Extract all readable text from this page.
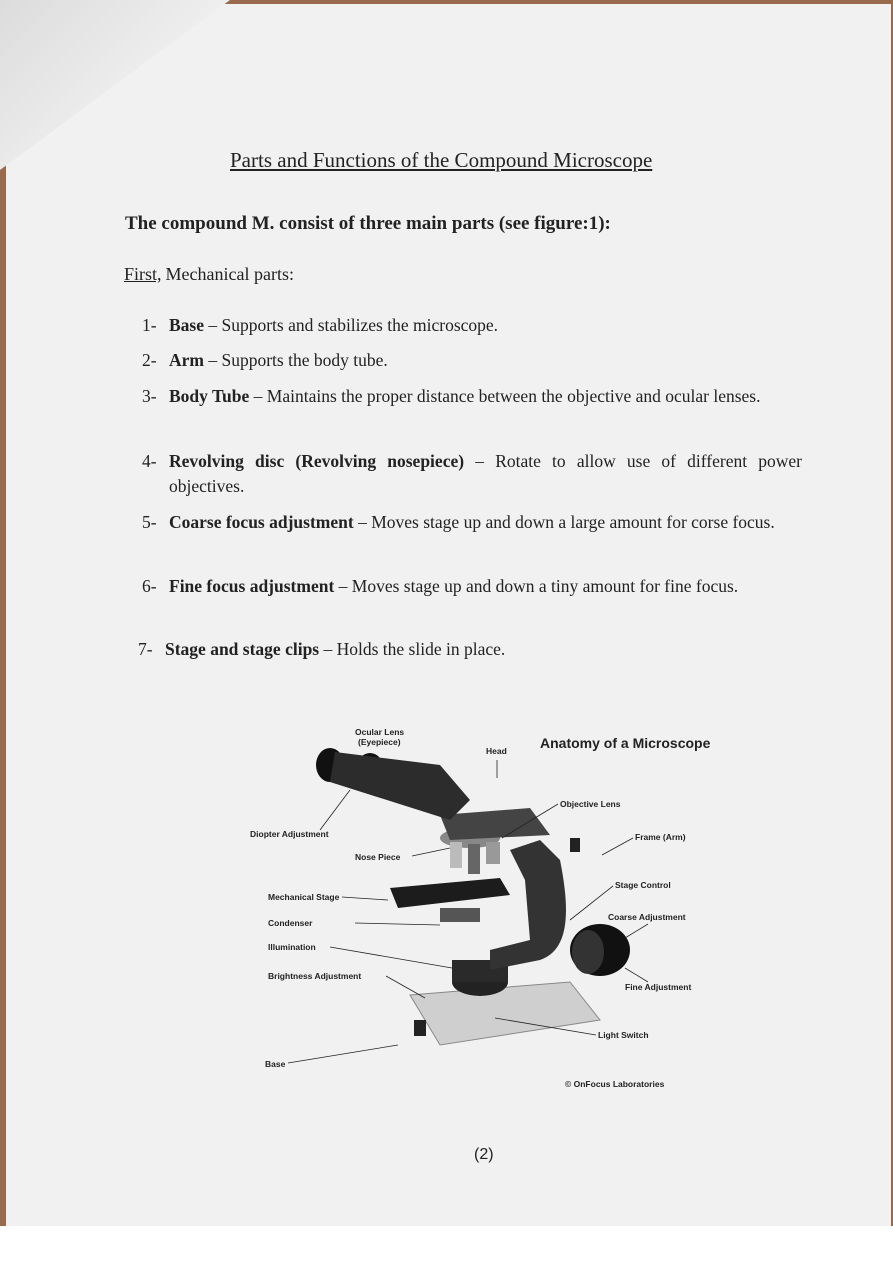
Parts and Functions of the Compound Microscope
The compound M. consist of three main parts (see figure:1):
First, Mechanical parts:
1- Base – Supports and stabilizes the microscope.
2- Arm – Supports the body tube.
3- Body Tube – Maintains the proper distance between the objective and ocular lenses.
4- Revolving disc (Revolving nosepiece) – Rotate to allow use of different power objectives.
5- Coarse focus adjustment – Moves stage up and down a large amount for corse focus.
6- Fine focus adjustment – Moves stage up and down a tiny amount for fine focus.
7- Stage and stage clips – Holds the slide in place.
Anatomy of a Microscope
Ocular Lens
(Eyepiece)
Head
Objective Lens
Diopter Adjustment	Frame (Arm)
Nose Piece
Mechanical Stage
Stage Control
Condenser
Coarse Adjustment
Illumination
Brightness Adjustment
Fine Adjustment
Light Switch
Base
© OnFocus Laboratories
(2)
